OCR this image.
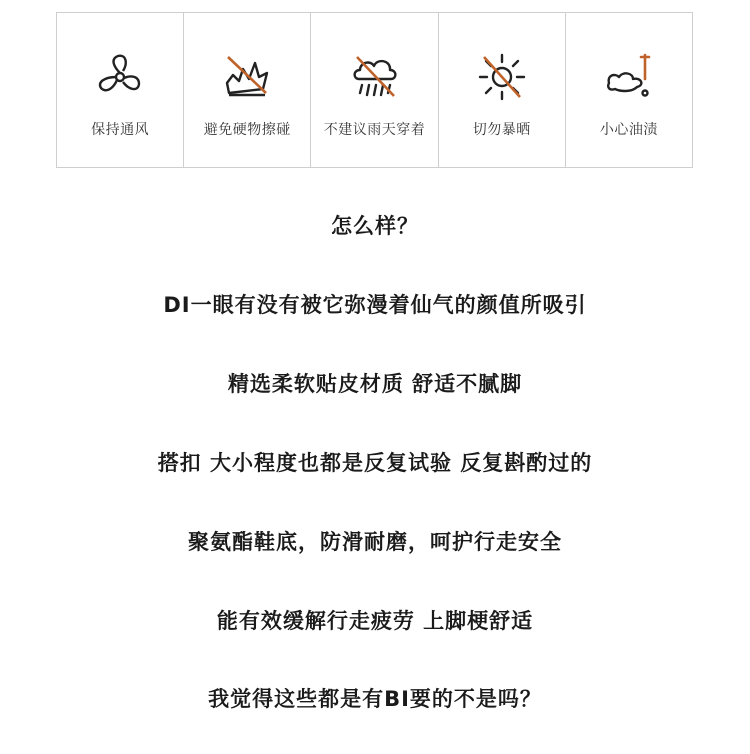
保持通风	避免硬物擦碰 不建议雨天穿着	切勿暴晒	小心油渍
怎么样？
DI一眼有没有被它弥漫着仙气的颜值所吸引
精选柔软贴皮材质 舒适不腻脚
搭扣 大小程度也都是反复试验 反复斟酌过的
聚氨酯鞋底，防滑耐磨，呵护行走安全
能有效缓解行走疲劳 上脚梗舒适
我觉得这些都是有BI要的不是吗？
